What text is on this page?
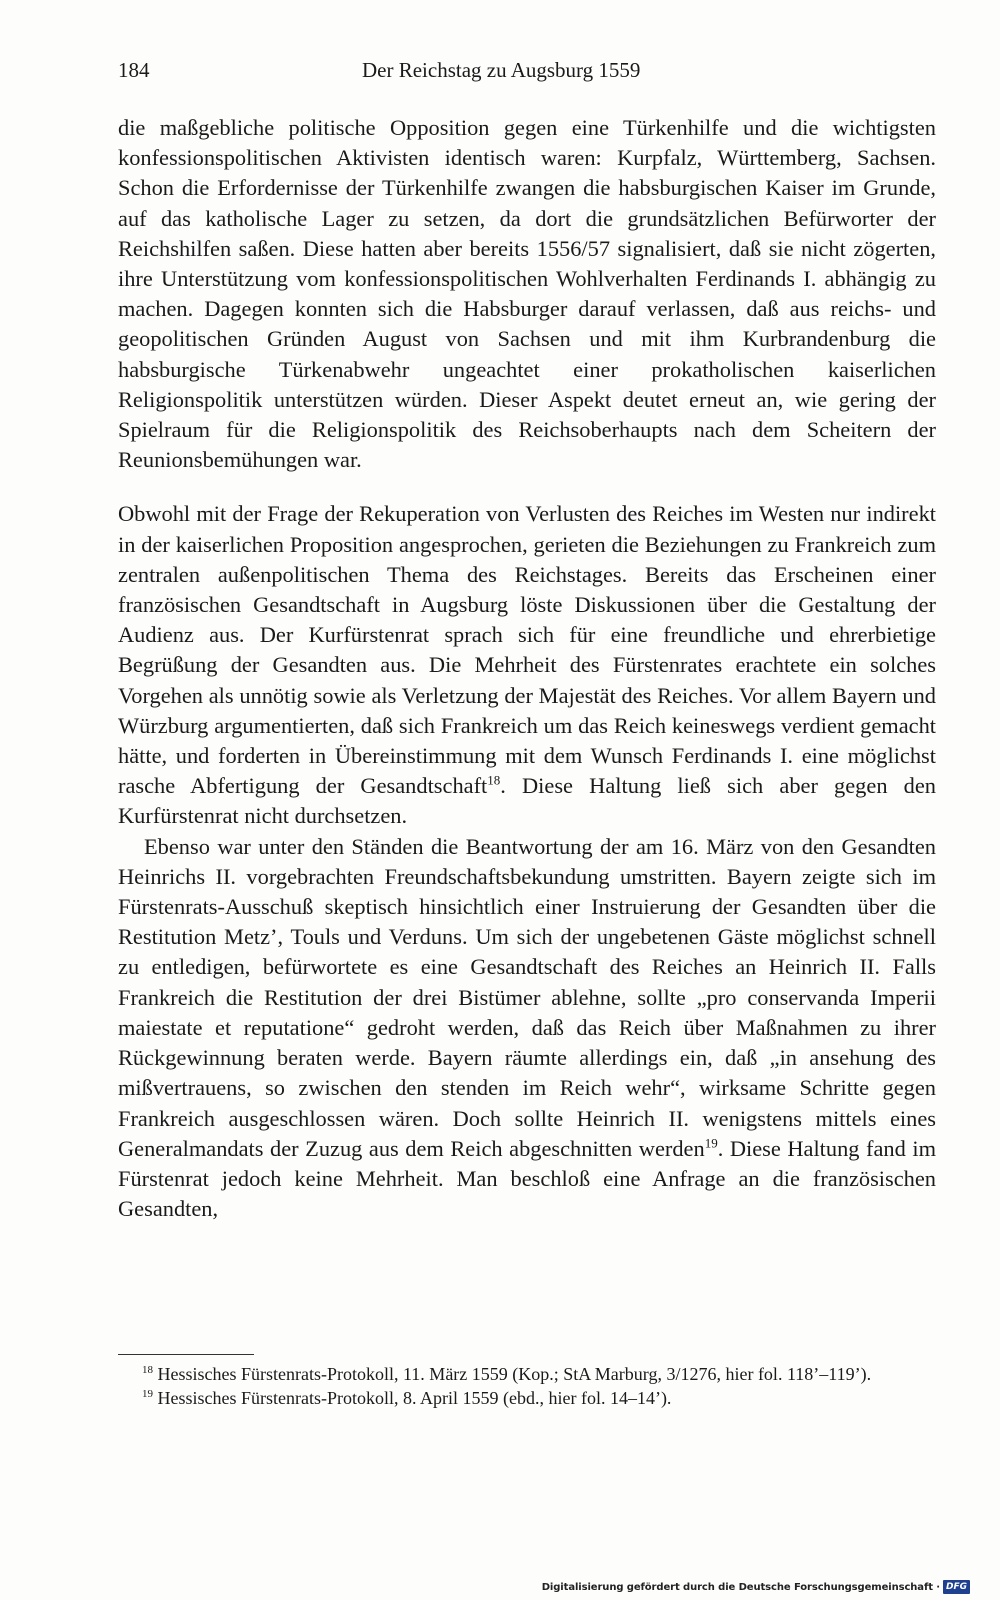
184	Der Reichstag zu Augsburg 1559

die maßgebliche politische Opposition gegen eine Türkenhilfe und die wichtigsten konfessionspolitischen Aktivisten identisch waren: Kurpfalz, Württemberg, Sachsen. Schon die Erfordernisse der Türkenhilfe zwangen die habsburgischen Kaiser im Grunde, auf das katholische Lager zu setzen, da dort die grundsätzlichen Befürworter der Reichshilfen saßen. Diese hatten aber bereits 1556/57 signalisiert, daß sie nicht zögerten, ihre Unterstützung vom konfessionspolitischen Wohlverhalten Ferdinands I. abhängig zu machen. Dagegen konnten sich die Habsburger darauf verlassen, daß aus reichs- und geopolitischen Gründen August von Sachsen und mit ihm Kurbrandenburg die habsburgische Türkenabwehr ungeachtet einer prokatholischen kaiserlichen Religionspolitik unterstützen würden. Dieser Aspekt deutet erneut an, wie gering der Spielraum für die Religionspolitik des Reichsoberhaupts nach dem Scheitern der Reunionsbemühungen war.

Obwohl mit der Frage der Rekuperation von Verlusten des Reiches im Westen nur indirekt in der kaiserlichen Proposition angesprochen, gerieten die Beziehungen zu Frankreich zum zentralen außenpolitischen Thema des Reichstages. Bereits das Erscheinen einer französischen Gesandtschaft in Augsburg löste Diskussionen über die Gestaltung der Audienz aus. Der Kurfürstenrat sprach sich für eine freundliche und ehrerbietige Begrüßung der Gesandten aus. Die Mehrheit des Fürstenrates erachtete ein solches Vorgehen als unnötig sowie als Verletzung der Majestät des Reiches. Vor allem Bayern und Würzburg argumentierten, daß sich Frankreich um das Reich keineswegs verdient gemacht hätte, und forderten in Übereinstimmung mit dem Wunsch Ferdinands I. eine möglichst rasche Abfertigung der Gesandtschaft$^{18}$. Diese Haltung ließ sich aber gegen den Kurfürstenrat nicht durchsetzen.

Ebenso war unter den Ständen die Beantwortung der am 16. März von den Gesandten Heinrichs II. vorgebrachten Freundschaftsbekundung umstritten. Bayern zeigte sich im Fürstenrats-Ausschuß skeptisch hinsichtlich einer Instruierung der Gesandten über die Restitution Metz’, Touls und Verduns. Um sich der ungebetenen Gäste möglichst schnell zu entledigen, befürwortete es eine Gesandtschaft des Reiches an Heinrich II. Falls Frankreich die Restitution der drei Bistümer ablehne, sollte „pro conservanda Imperii maiestate et reputatione“ gedroht werden, daß das Reich über Maßnahmen zu ihrer Rückgewinnung beraten werde. Bayern räumte allerdings ein, daß „in ansehung des mißvertrauens, so zwischen den stenden im Reich wehr“, wirksame Schritte gegen Frankreich ausgeschlossen wären. Doch sollte Heinrich II. wenigstens mittels eines Generalmandats der Zuzug aus dem Reich abgeschnitten werden$^{19}$. Diese Haltung fand im Fürstenrat jedoch keine Mehrheit. Man beschloß eine Anfrage an die französischen Gesandten,

$^{18}$ Hessisches Fürstenrats-Protokoll, 11. März 1559 (Kop.; StA Marburg, 3/1276, hier fol. 118’–119’).

$^{19}$ Hessisches Fürstenrats-Protokoll, 8. April 1559 (ebd., hier fol. 14–14’).

Digitalisierung gefördert durch die Deutsche Forschungsgemeinschaft · DFG
